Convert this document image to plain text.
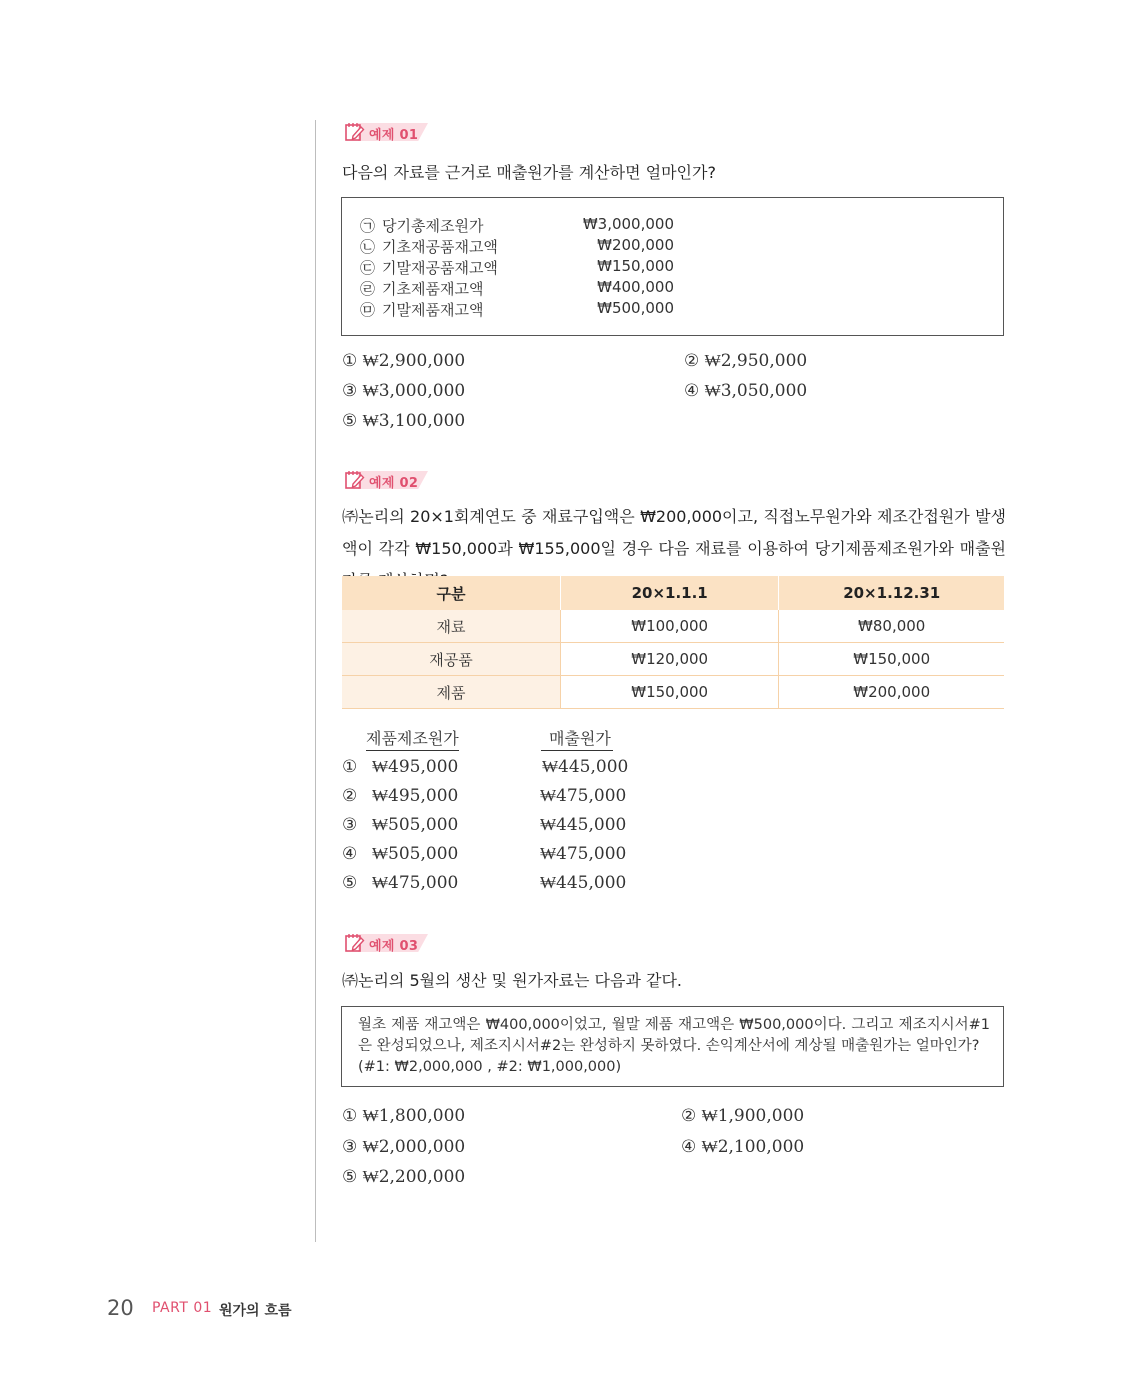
예제 01
다음의 자료를 근거로 매출원가를 계산하면 얼마인가?
㉠ 당기총제조원가	₩3,000,000
㉡ 기초재공품재고액	₩200,000
㉢ 기말재공품재고액	₩150,000
㉣ 기초제품재고액	₩400,000
㉤ 기말제품재고액	₩500,000
① ₩2,900,000	② ₩2,950,000
③ ₩3,000,000	④ ₩3,050,000
⑤ ₩3,100,000
예제 02
㈜논리의 20×1회계연도 중 재료구입액은 ₩200,000이고, 직접노무원가와 제조간접원가 발생액이 각각 ₩150,000과 ₩155,000일 경우 다음 재료를 이용하여 당기제품제조원가와 매출원
구분	20×1.1.1	20×1.12.31
재료	₩100,000	₩80,000
재공품	₩120,000	₩150,000
제품	₩150,000	₩200,000
제품제조원가	매출원가
① ₩495,000	₩445,000
② ₩495,000	₩475,000
③ ₩505,000	₩445,000
④ ₩505,000	₩475,000
⑤ ₩475,000	₩445,000
예제 03
㈜논리의 5월의 생산 및 원가자료는 다음과 같다.
월초 제품 재고액은 ₩400,000이었고, 월말 제품 재고액은 ₩500,000이다. 그리고 제조지시서#1은 완성되었으나, 제조지시서#2는 완성하지 못하였다. 손익계산서에 계상될 매출원가는 얼마인가?
(#1: ₩2,000,000 , #2: ₩1,000,000)
① ₩1,800,000	② ₩1,900,000
③ ₩2,000,000	④ ₩2,100,000
⑤ ₩2,200,000
20 PART 01 원가의 흐름
